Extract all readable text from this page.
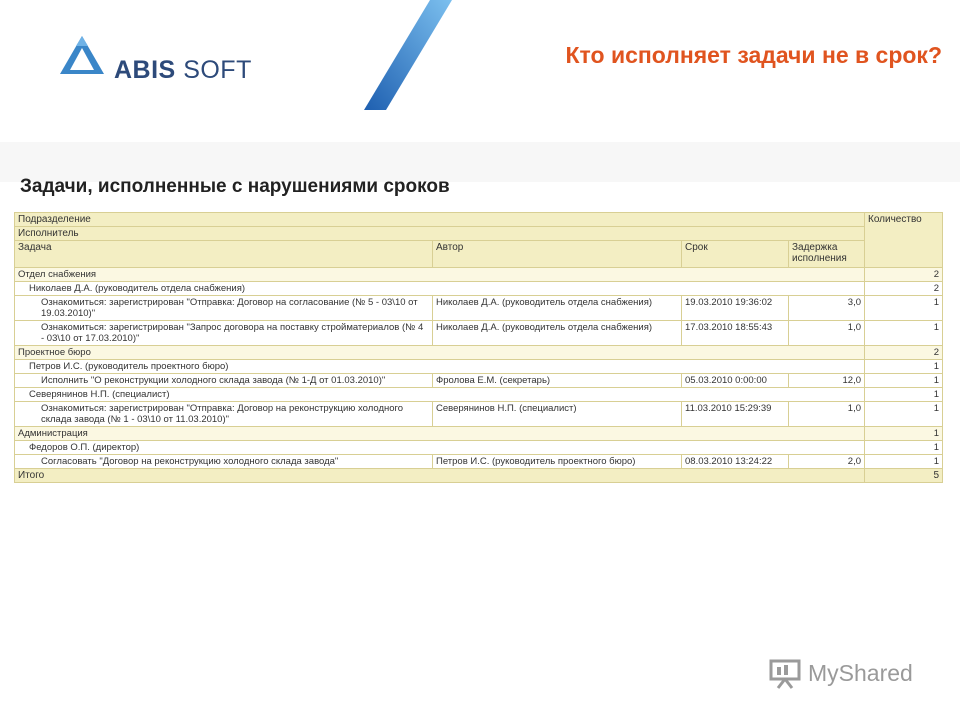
ABIS SOFT
Кто исполняет задачи не в срок?
Задачи, исполненные с нарушениями сроков
Подразделение				Количество
Исполнитель				
Задача	Автор	Срок	Задержка исполнения	
Отдел снабжения				2
Николаев Д.А. (руководитель отдела снабжения)				2
Ознакомиться: зарегистрирован "Отправка: Договор на согласование (№ 5 - 03\10 от 19.03.2010)"	Николаев Д.А. (руководитель отдела снабжения)	19.03.2010 19:36:02	3,0	1
Ознакомиться: зарегистрирован "Запрос договора на поставку стройматериалов (№ 4 - 03\10 от 17.03.2010)"	Николаев Д.А. (руководитель отдела снабжения)	17.03.2010 18:55:43	1,0	1
Проектное бюро				2
Петров И.С. (руководитель проектного бюро)				1
Исполнить "О реконструкции холодного склада завода (№ 1-Д от 01.03.2010)"	Фролова Е.М. (секретарь)	05.03.2010 0:00:00	12,0	1
Северянинов Н.П. (специалист)				1
Ознакомиться: зарегистрирован "Отправка: Договор на реконструкцию холодного склада завода (№ 1 - 03\10 от 11.03.2010)"	Северянинов Н.П. (специалист)	11.03.2010 15:29:39	1,0	1
Администрация				1
Федоров О.П. (директор)				1
Согласовать "Договор на реконструкцию холодного склада завода"	Петров И.С. (руководитель проектного бюро)	08.03.2010 13:24:22	2,0	1
Итого				5
MyShared
